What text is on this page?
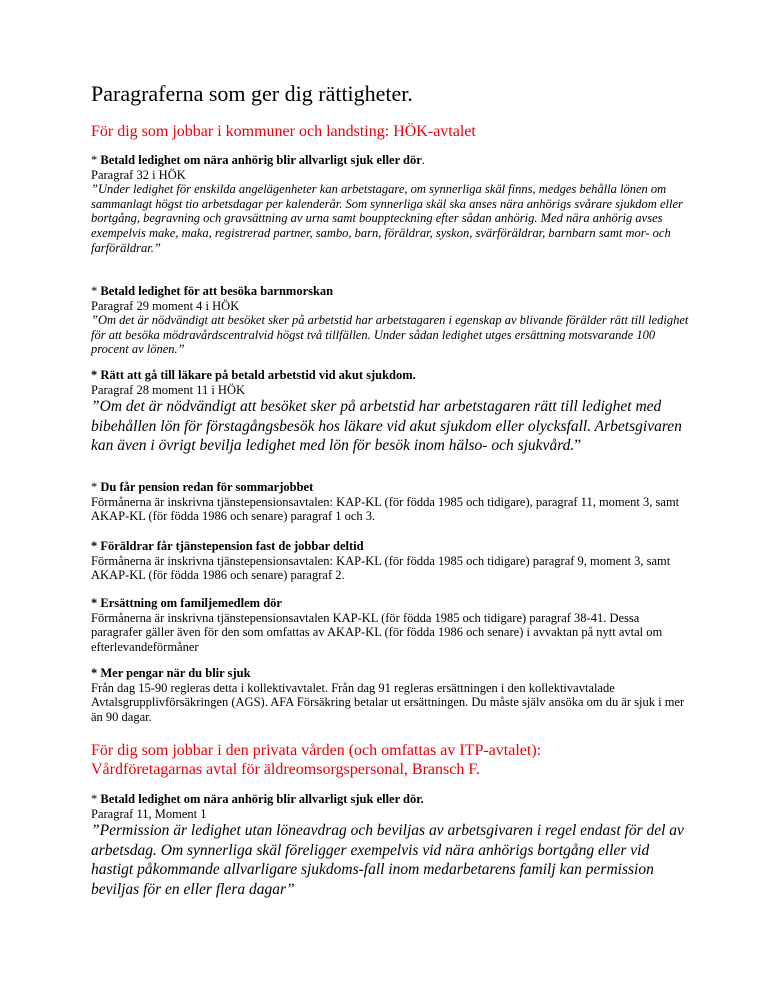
Paragraferna som ger dig rättigheter.

För dig som jobbar i kommuner och landsting: HÖK-avtalet

* Betald ledighet om nära anhörig blir allvarligt sjuk eller dör.
Paragraf 32 i HÖK
”Under ledighet för enskilda angelägenheter kan arbetstagare, om synnerliga skäl finns, medges behålla lönen om sammanlagt högst tio arbetsdagar per kalenderår. Som synnerliga skäl ska anses nära anhörigs svårare sjukdom eller bortgång, begravning och gravsättning av urna samt bouppteckning efter sådan anhörig. Med nära anhörig avses exempelvis make, maka, registrerad partner, sambo, barn, föräldrar, syskon, svärföräldrar, barnbarn samt mor- och farföräldrar.”
* Betald ledighet för att besöka barnmorskan
Paragraf 29 moment 4 i HÖK
”Om det är nödvändigt att besöket sker på arbetstid har arbetstagaren i egenskap av blivande förälder rätt till ledighet för att besöka mödravårdscentralvid högst två tillfällen. Under sådan ledighet utges ersättning motsvarande 100 procent av lönen.”
* Rätt att gå till läkare på betald arbetstid vid akut sjukdom.
Paragraf 28 moment 11 i HÖK
”Om det är nödvändigt att besöket sker på arbetstid har arbetstagaren rätt till ledighet med bibehållen lön för förstagångsbesök hos läkare vid akut sjukdom eller olycksfall. Arbetsgivaren kan även i övrigt bevilja ledighet med lön för besök inom hälso- och sjukvård.”
* Du får pension redan för sommarjobbet
Förmånerna är inskrivna tjänstepensionsavtalen: KAP-KL (för födda 1985 och tidigare), paragraf 11, moment 3, samt AKAP-KL (för födda 1986 och senare) paragraf 1 och 3.
* Föräldrar får tjänstepension fast de jobbar deltid
Förmånerna är inskrivna tjänstepensionsavtalen: KAP-KL (för födda 1985 och tidigare) paragraf 9, moment 3, samt AKAP-KL (för födda 1986 och senare) paragraf 2.
* Ersättning om familjemedlem dör
Förmånerna är inskrivna tjänstepensionsavtalen KAP-KL (för födda 1985 och tidigare) paragraf 38-41. Dessa paragrafer gäller även för den som omfattas av AKAP-KL (för födda 1986 och senare) i avvaktan på nytt avtal om efterlevandeförmåner
* Mer pengar när du blir sjuk
Från dag 15-90 regleras detta i kollektivavtalet. Från dag 91 regleras ersättningen i den kollektivavtalade Avtalsgrupplivförsäkringen (AGS). AFA Försäkring betalar ut ersättningen. Du måste själv ansöka om du är sjuk i mer än 90 dagar.

För dig som jobbar i den privata vården (och omfattas av ITP-avtalet):

Vårdföretagarnas avtal för äldreomsorgspersonal, Bransch F.

* Betald ledighet om nära anhörig blir allvarligt sjuk eller dör.
Paragraf 11, Moment 1
”Permission är ledighet utan löneavdrag och beviljas av arbetsgivaren i regel endast för del av arbetsdag. Om synnerliga skäl föreligger exempelvis vid nära anhörigs bortgång eller vid hastigt påkommande allvarligare sjukdoms-fall inom medarbetarens familj kan permission beviljas för en eller flera dagar”
